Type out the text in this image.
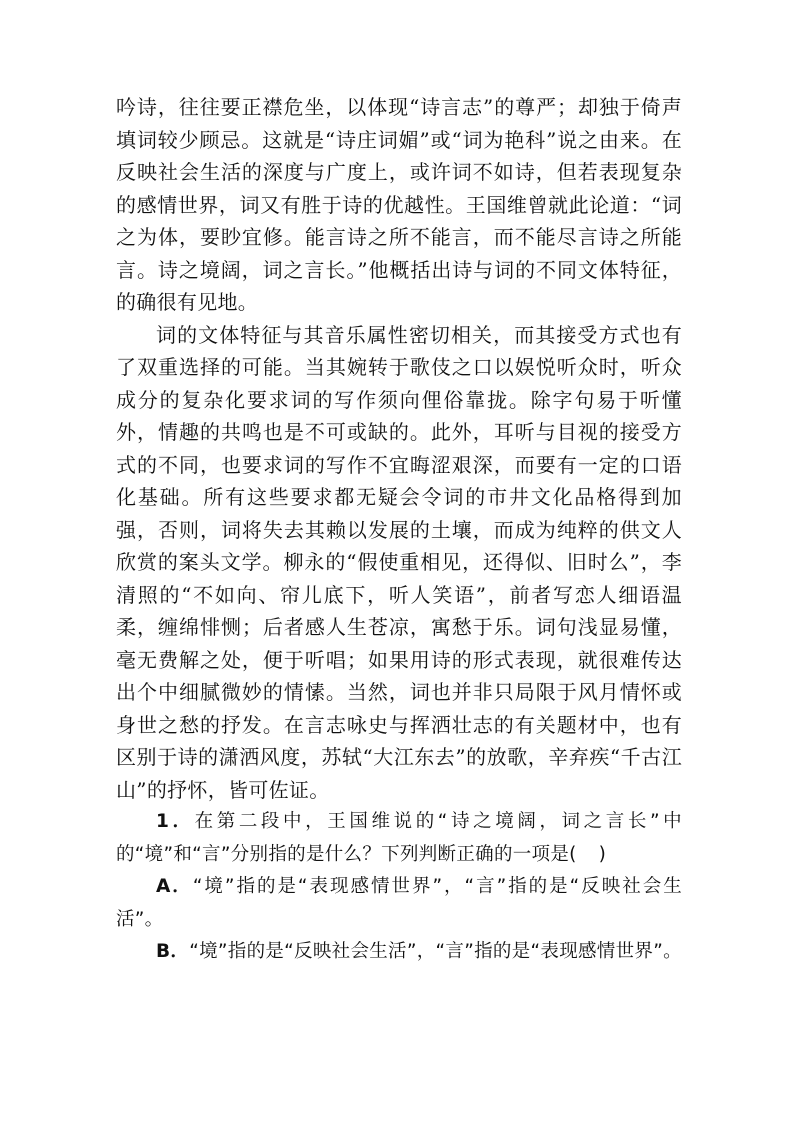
吟诗，往往要正襟危坐，以体现“诗言志”的尊严；却独于倚声填词较少顾忌。这就是“诗庄词媚”或“词为艳科”说之由来。在反映社会生活的深度与广度上，或许词不如诗，但若表现复杂的感情世界，词又有胜于诗的优越性。王国维曾就此论道：“词之为体，要眇宜修。能言诗之所不能言，而不能尽言诗之所能言。诗之境阔，词之言长。”他概括出诗与词的不同文体特征，的确很有见地。

词的文体特征与其音乐属性密切相关，而其接受方式也有了双重选择的可能。当其婉转于歌伎之口以娱悦听众时，听众成分的复杂化要求词的写作须向俚俗靠拢。除字句易于听懂外，情趣的共鸣也是不可或缺的。此外，耳听与目视的接受方式的不同，也要求词的写作不宜晦涩艰深，而要有一定的口语化基础。所有这些要求都无疑会令词的市井文化品格得到加强，否则，词将失去其赖以发展的土壤，而成为纯粹的供文人欣赏的案头文学。柳永的“假使重相见，还得似、旧时么”，李清照的“不如向、帘儿底下，听人笑语”，前者写恋人细语温柔，缠绵悱恻；后者感人生苍凉，寓愁于乐。词句浅显易懂，毫无费解之处，便于听唱；如果用诗的形式表现，就很难传达出个中细腻微妙的情愫。当然，词也并非只局限于风月情怀或身世之愁的抒发。在言志咏史与挥洒壮志的有关题材中，也有区别于诗的潇洒风度，苏轼“大江东去”的放歌，辛弃疾“千古江山”的抒怀，皆可佐证。

1．在第二段中，王国维说的“诗之境阔，词之言长”中的“境”和“言”分别指的是什么？下列判断正确的一项是( )

A．“境”指的是“表现感情世界”，“言”指的是“反映社会生活”。

B．“境”指的是“反映社会生活”，“言”指的是“表现感情世界”。
